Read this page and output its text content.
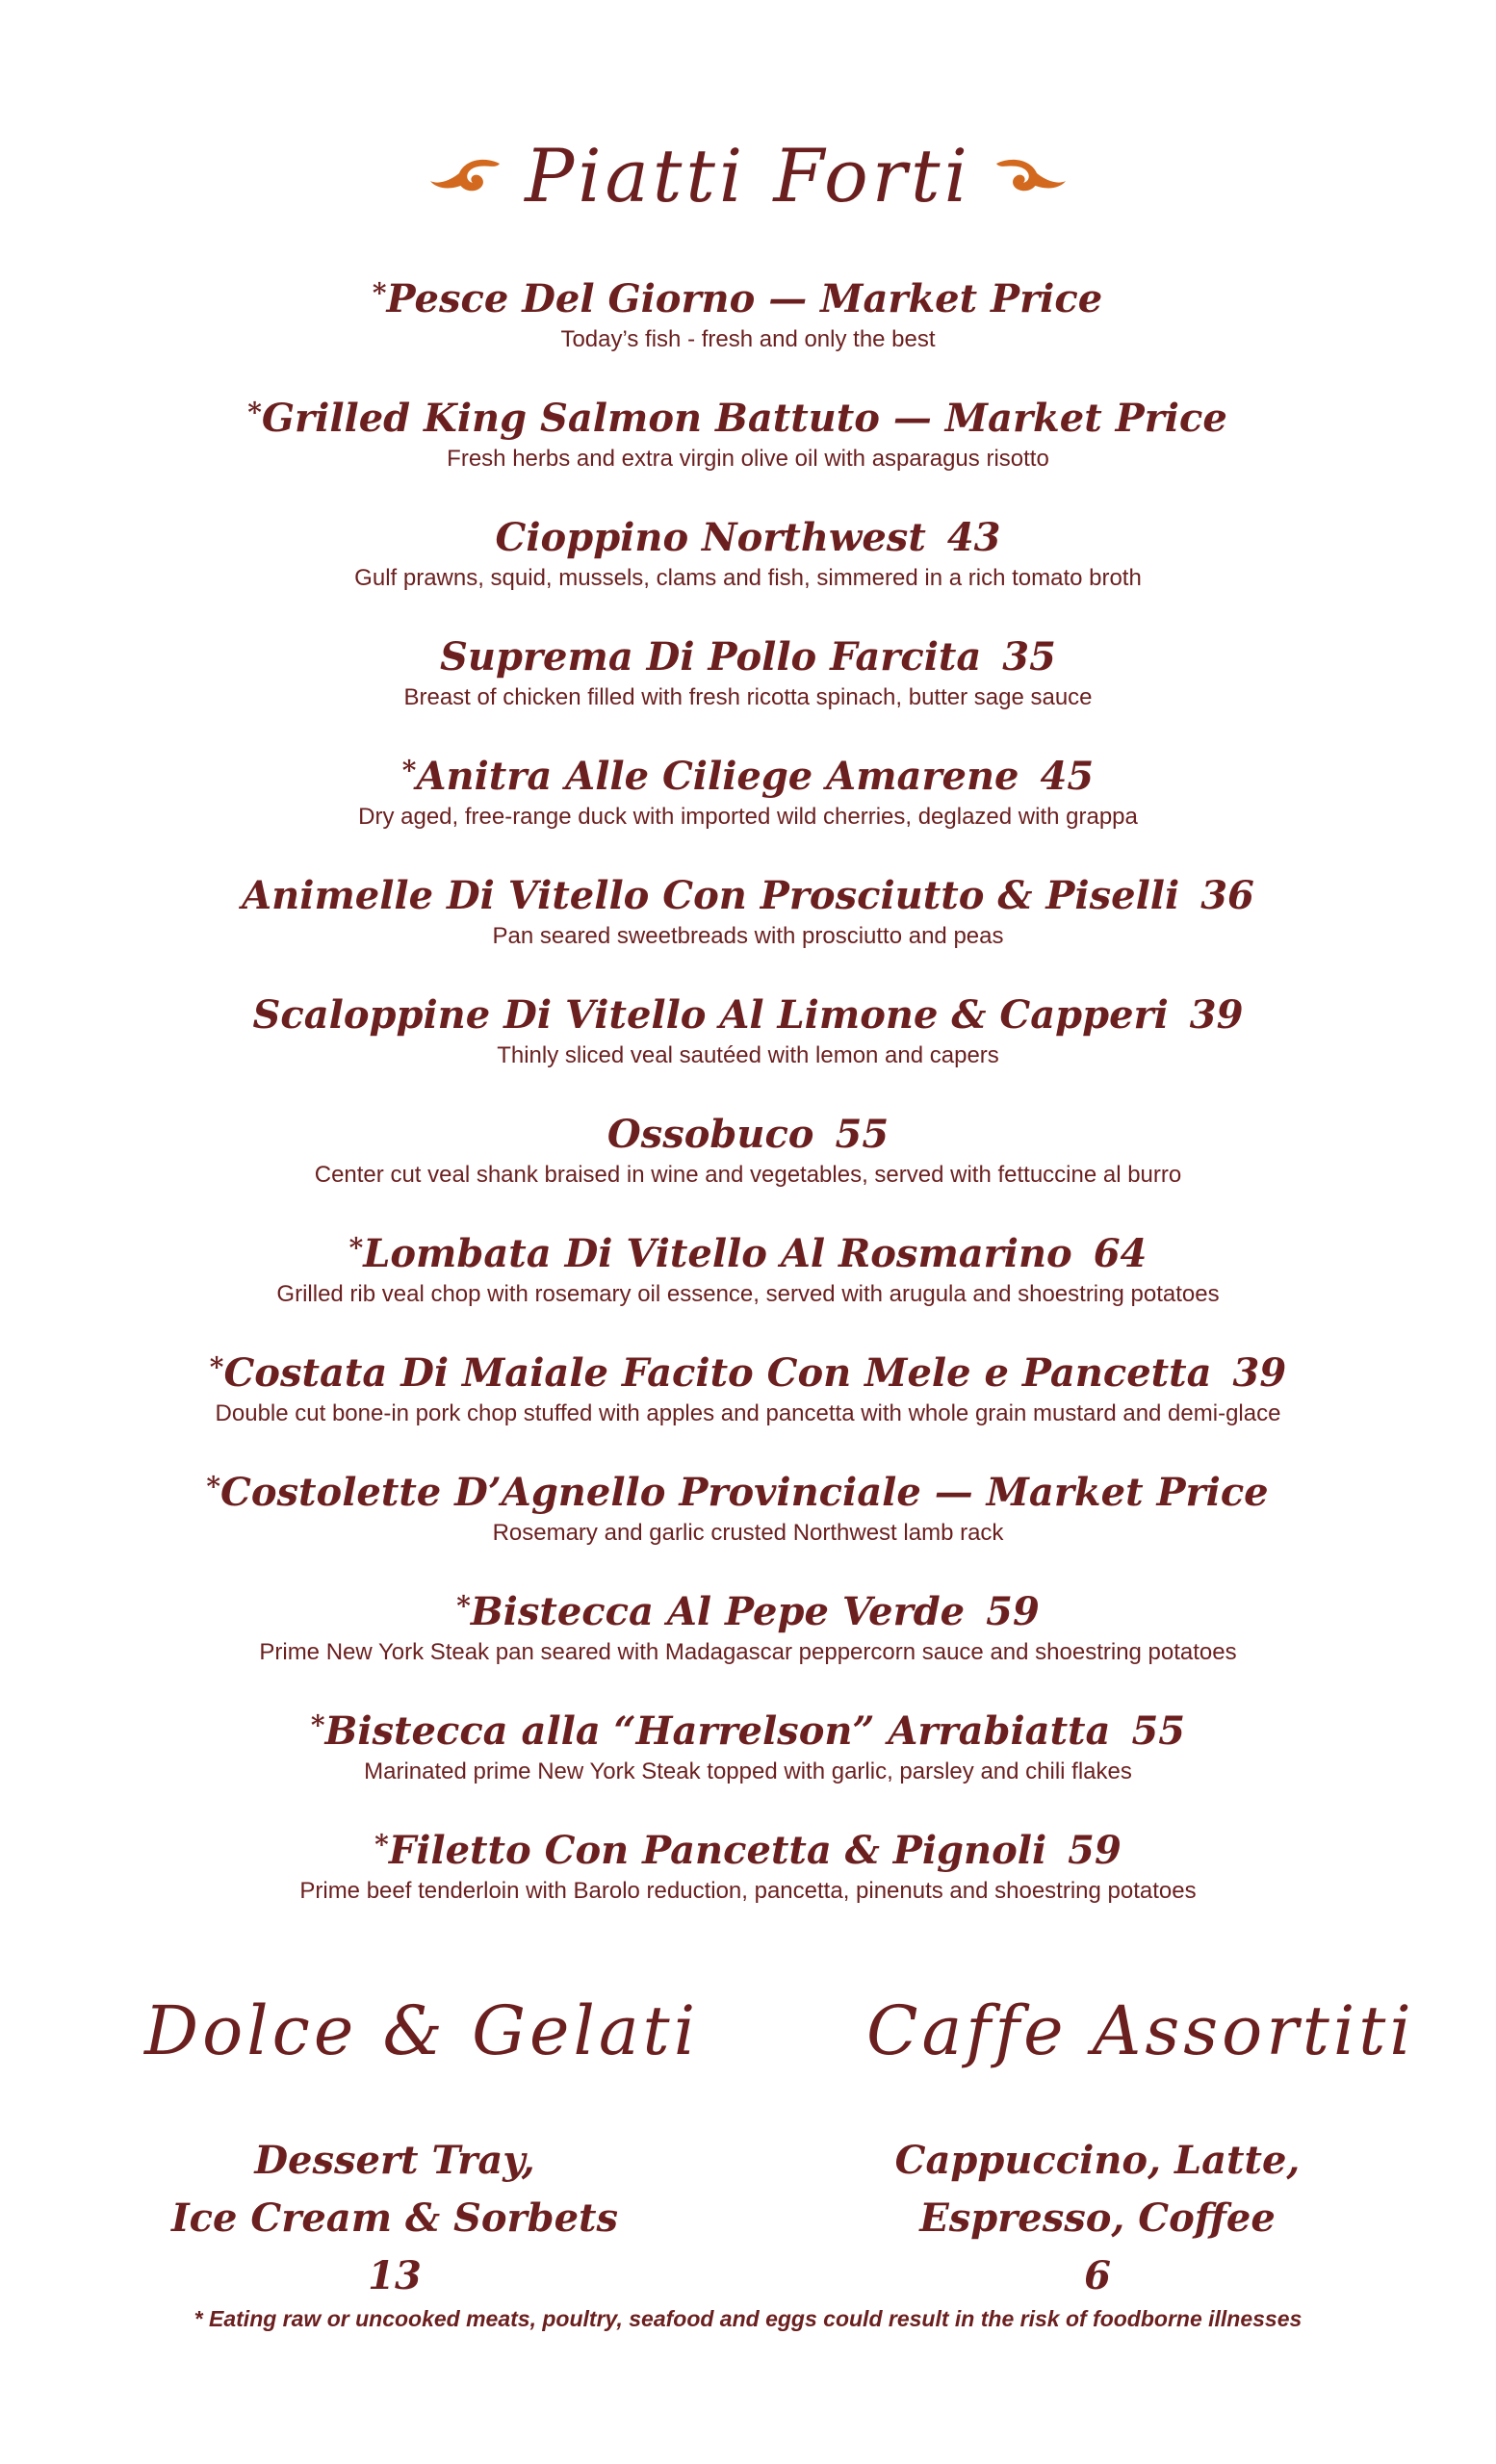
Piatti Forti
*Pesce Del Giorno — Market Price
Today’s fish - fresh and only the best
*Grilled King Salmon Battuto — Market Price
Fresh herbs and extra virgin olive oil with asparagus risotto
Cioppino Northwest 43
Gulf prawns, squid, mussels, clams and fish, simmered in a rich tomato broth
Suprema Di Pollo Farcita 35
Breast of chicken filled with fresh ricotta spinach, butter sage sauce
*Anitra Alle Ciliege Amarene 45
Dry aged, free-range duck with imported wild cherries, deglazed with grappa
Animelle Di Vitello Con Prosciutto & Piselli 36
Pan seared sweetbreads with prosciutto and peas
Scaloppine Di Vitello Al Limone & Capperi 39
Thinly sliced veal sautéed with lemon and capers
Ossobuco 55
Center cut veal shank braised in wine and vegetables, served with fettuccine al burro
*Lombata Di Vitello Al Rosmarino 64
Grilled rib veal chop with rosemary oil essence, served with arugula and shoestring potatoes
*Costata Di Maiale Facito Con Mele e Pancetta 39
Double cut bone-in pork chop stuffed with apples and pancetta with whole grain mustard and demi-glace
*Costolette D’Agnello Provinciale — Market Price
Rosemary and garlic crusted Northwest lamb rack
*Bistecca Al Pepe Verde 59
Prime New York Steak pan seared with Madagascar peppercorn sauce and shoestring potatoes
*Bistecca alla “Harrelson” Arrabiatta 55
Marinated prime New York Steak topped with garlic, parsley and chili flakes
*Filetto Con Pancetta & Pignoli 59
Prime beef tenderloin with Barolo reduction, pancetta, pinenuts and shoestring potatoes
Dolce & Gelati
Dessert Tray,
Ice Cream & Sorbets
13
Caffe Assortiti
Cappuccino, Latte,
Espresso, Coffee
6
* Eating raw or uncooked meats, poultry, seafood and eggs could result in the risk of foodborne illnesses
